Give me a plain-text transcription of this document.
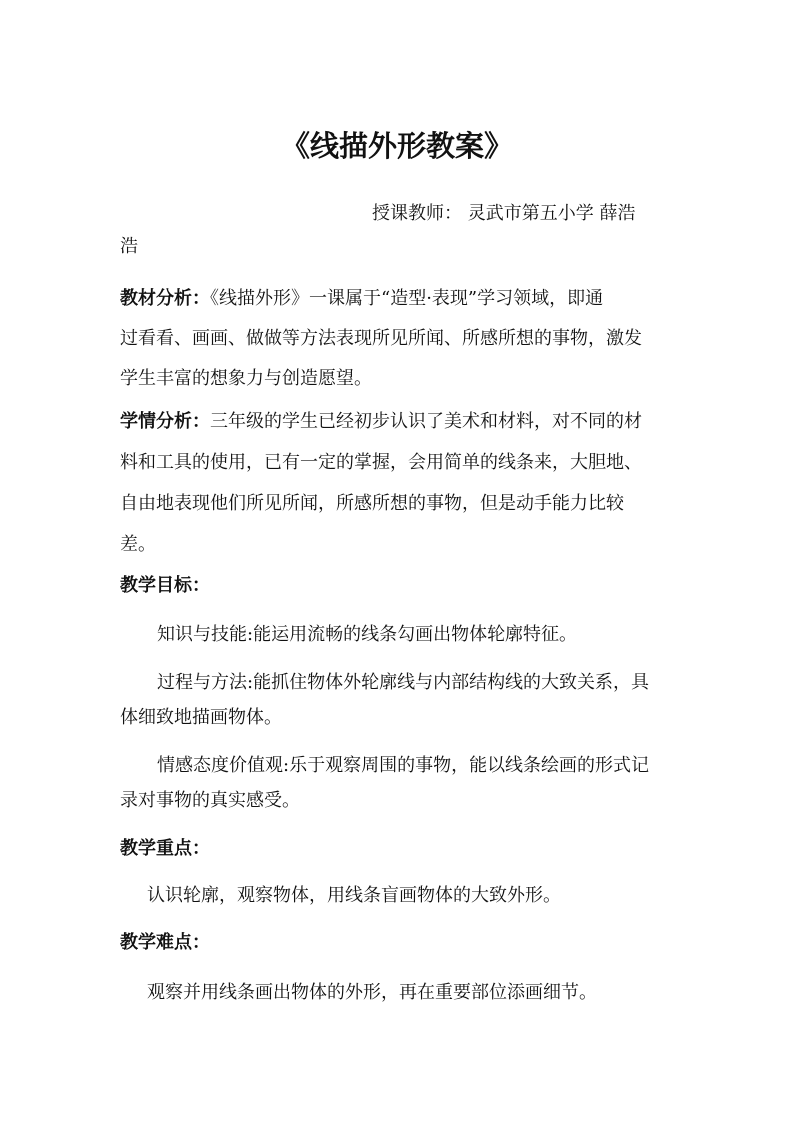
《线描外形教案》
授课教师： 灵武市第五小学 薛浩
浩
教材分析：《线描外形》一课属于“造型·表现”学习领域，即通
过看看、画画、做做等方法表现所见所闻、所感所想的事物，激发
学生丰富的想象力与创造愿望。
学情分析：三年级的学生已经初步认识了美术和材料，对不同的材
料和工具的使用，已有一定的掌握，会用简单的线条来，大胆地、
自由地表现他们所见所闻，所感所想的事物，但是动手能力比较
差。
教学目标：
知识与技能:能运用流畅的线条勾画出物体轮廓特征。
过程与方法:能抓住物体外轮廓线与内部结构线的大致关系，具
体细致地描画物体。
情感态度价值观:乐于观察周围的事物，能以线条绘画的形式记
录对事物的真实感受。
教学重点：
认识轮廓，观察物体，用线条盲画物体的大致外形。
教学难点：
观察并用线条画出物体的外形，再在重要部位添画细节。
